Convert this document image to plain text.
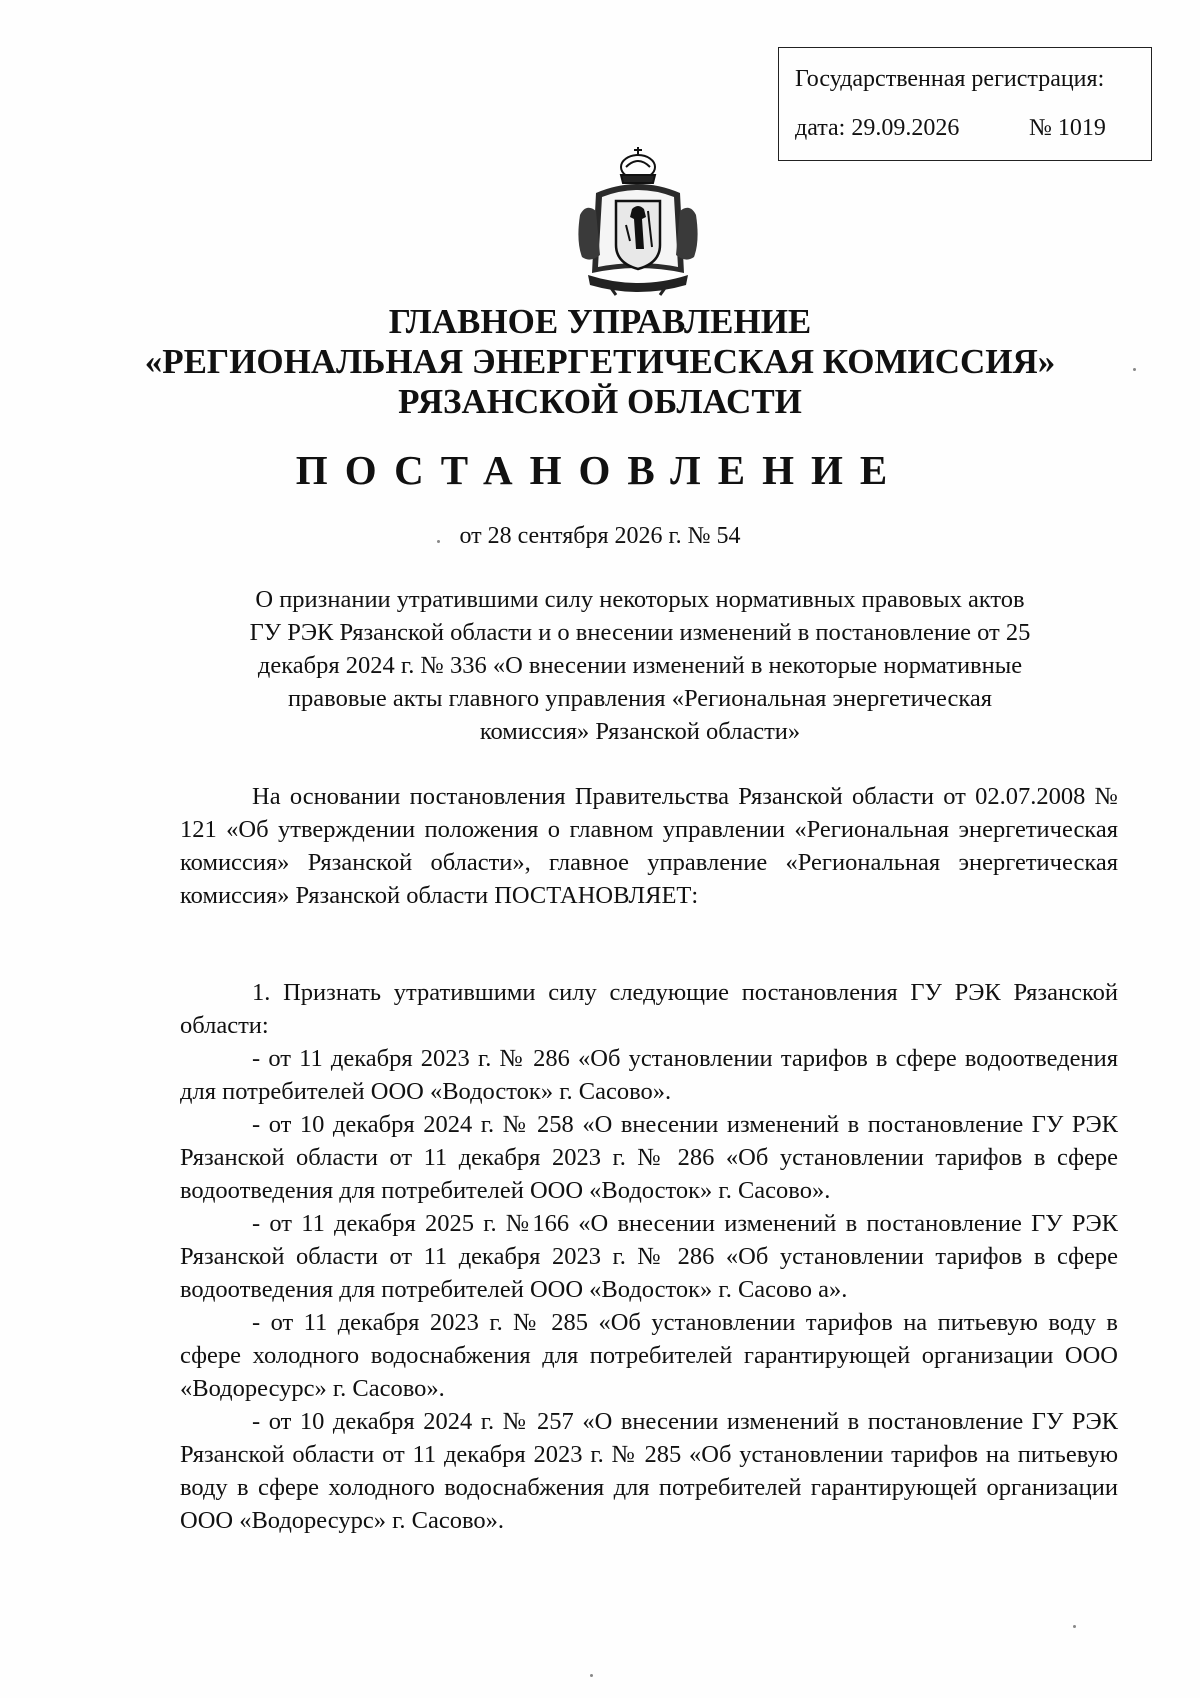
Государственная регистрация:
дата: 29.09.2026	№ 1019
ГЛАВНОЕ УПРАВЛЕНИЕ
«РЕГИОНАЛЬНАЯ ЭНЕРГЕТИЧЕСКАЯ КОМИССИЯ»
РЯЗАНСКОЙ ОБЛАСТИ
ПОСТАНОВЛЕНИЕ
от 28 сентября 2026 г. № 54
О признании утратившими силу некоторых нормативных правовых актов
ГУ РЭК Рязанской области и о внесении изменений в постановление от 25
декабря 2024 г. № 336 «О внесении изменений в некоторые нормативные
правовые акты главного управления «Региональная энергетическая
комиссия» Рязанской области»

На основании постановления Правительства Рязанской области от 02.07.2008 № 121 «Об утверждении положения о главном управлении «Региональная энергетическая комиссия» Рязанской области», главное управление «Региональная энергетическая комиссия» Рязанской области ПОСТАНОВЛЯЕТ:

1. Признать утратившими силу следующие постановления ГУ РЭК Рязанской области:

- от 11 декабря 2023 г. № 286 «Об установлении тарифов в сфере водоотведения для потребителей ООО «Водосток» г. Сасово».

- от 10 декабря 2024 г. № 258 «О внесении изменений в постановление ГУ РЭК Рязанской области от 11 декабря 2023 г. № 286 «Об установлении тарифов в сфере водоотведения для потребителей ООО «Водосток» г. Сасово».

- от 11 декабря 2025 г. №166 «О внесении изменений в постановление ГУ РЭК Рязанской области от 11 декабря 2023 г. № 286 «Об установлении тарифов в сфере водоотведения для потребителей ООО «Водосток» г. Сасово а».

- от 11 декабря 2023 г. № 285 «Об установлении тарифов на питьевую воду в сфере холодного водоснабжения для потребителей гарантирующей организации ООО «Водоресурс» г. Сасово».

- от 10 декабря 2024 г. № 257 «О внесении изменений в постановление ГУ РЭК Рязанской области от 11 декабря 2023 г. № 285 «Об установлении тарифов на питьевую воду в сфере холодного водоснабжения для потребителей гарантирующей организации ООО «Водоресурс» г. Сасово».
